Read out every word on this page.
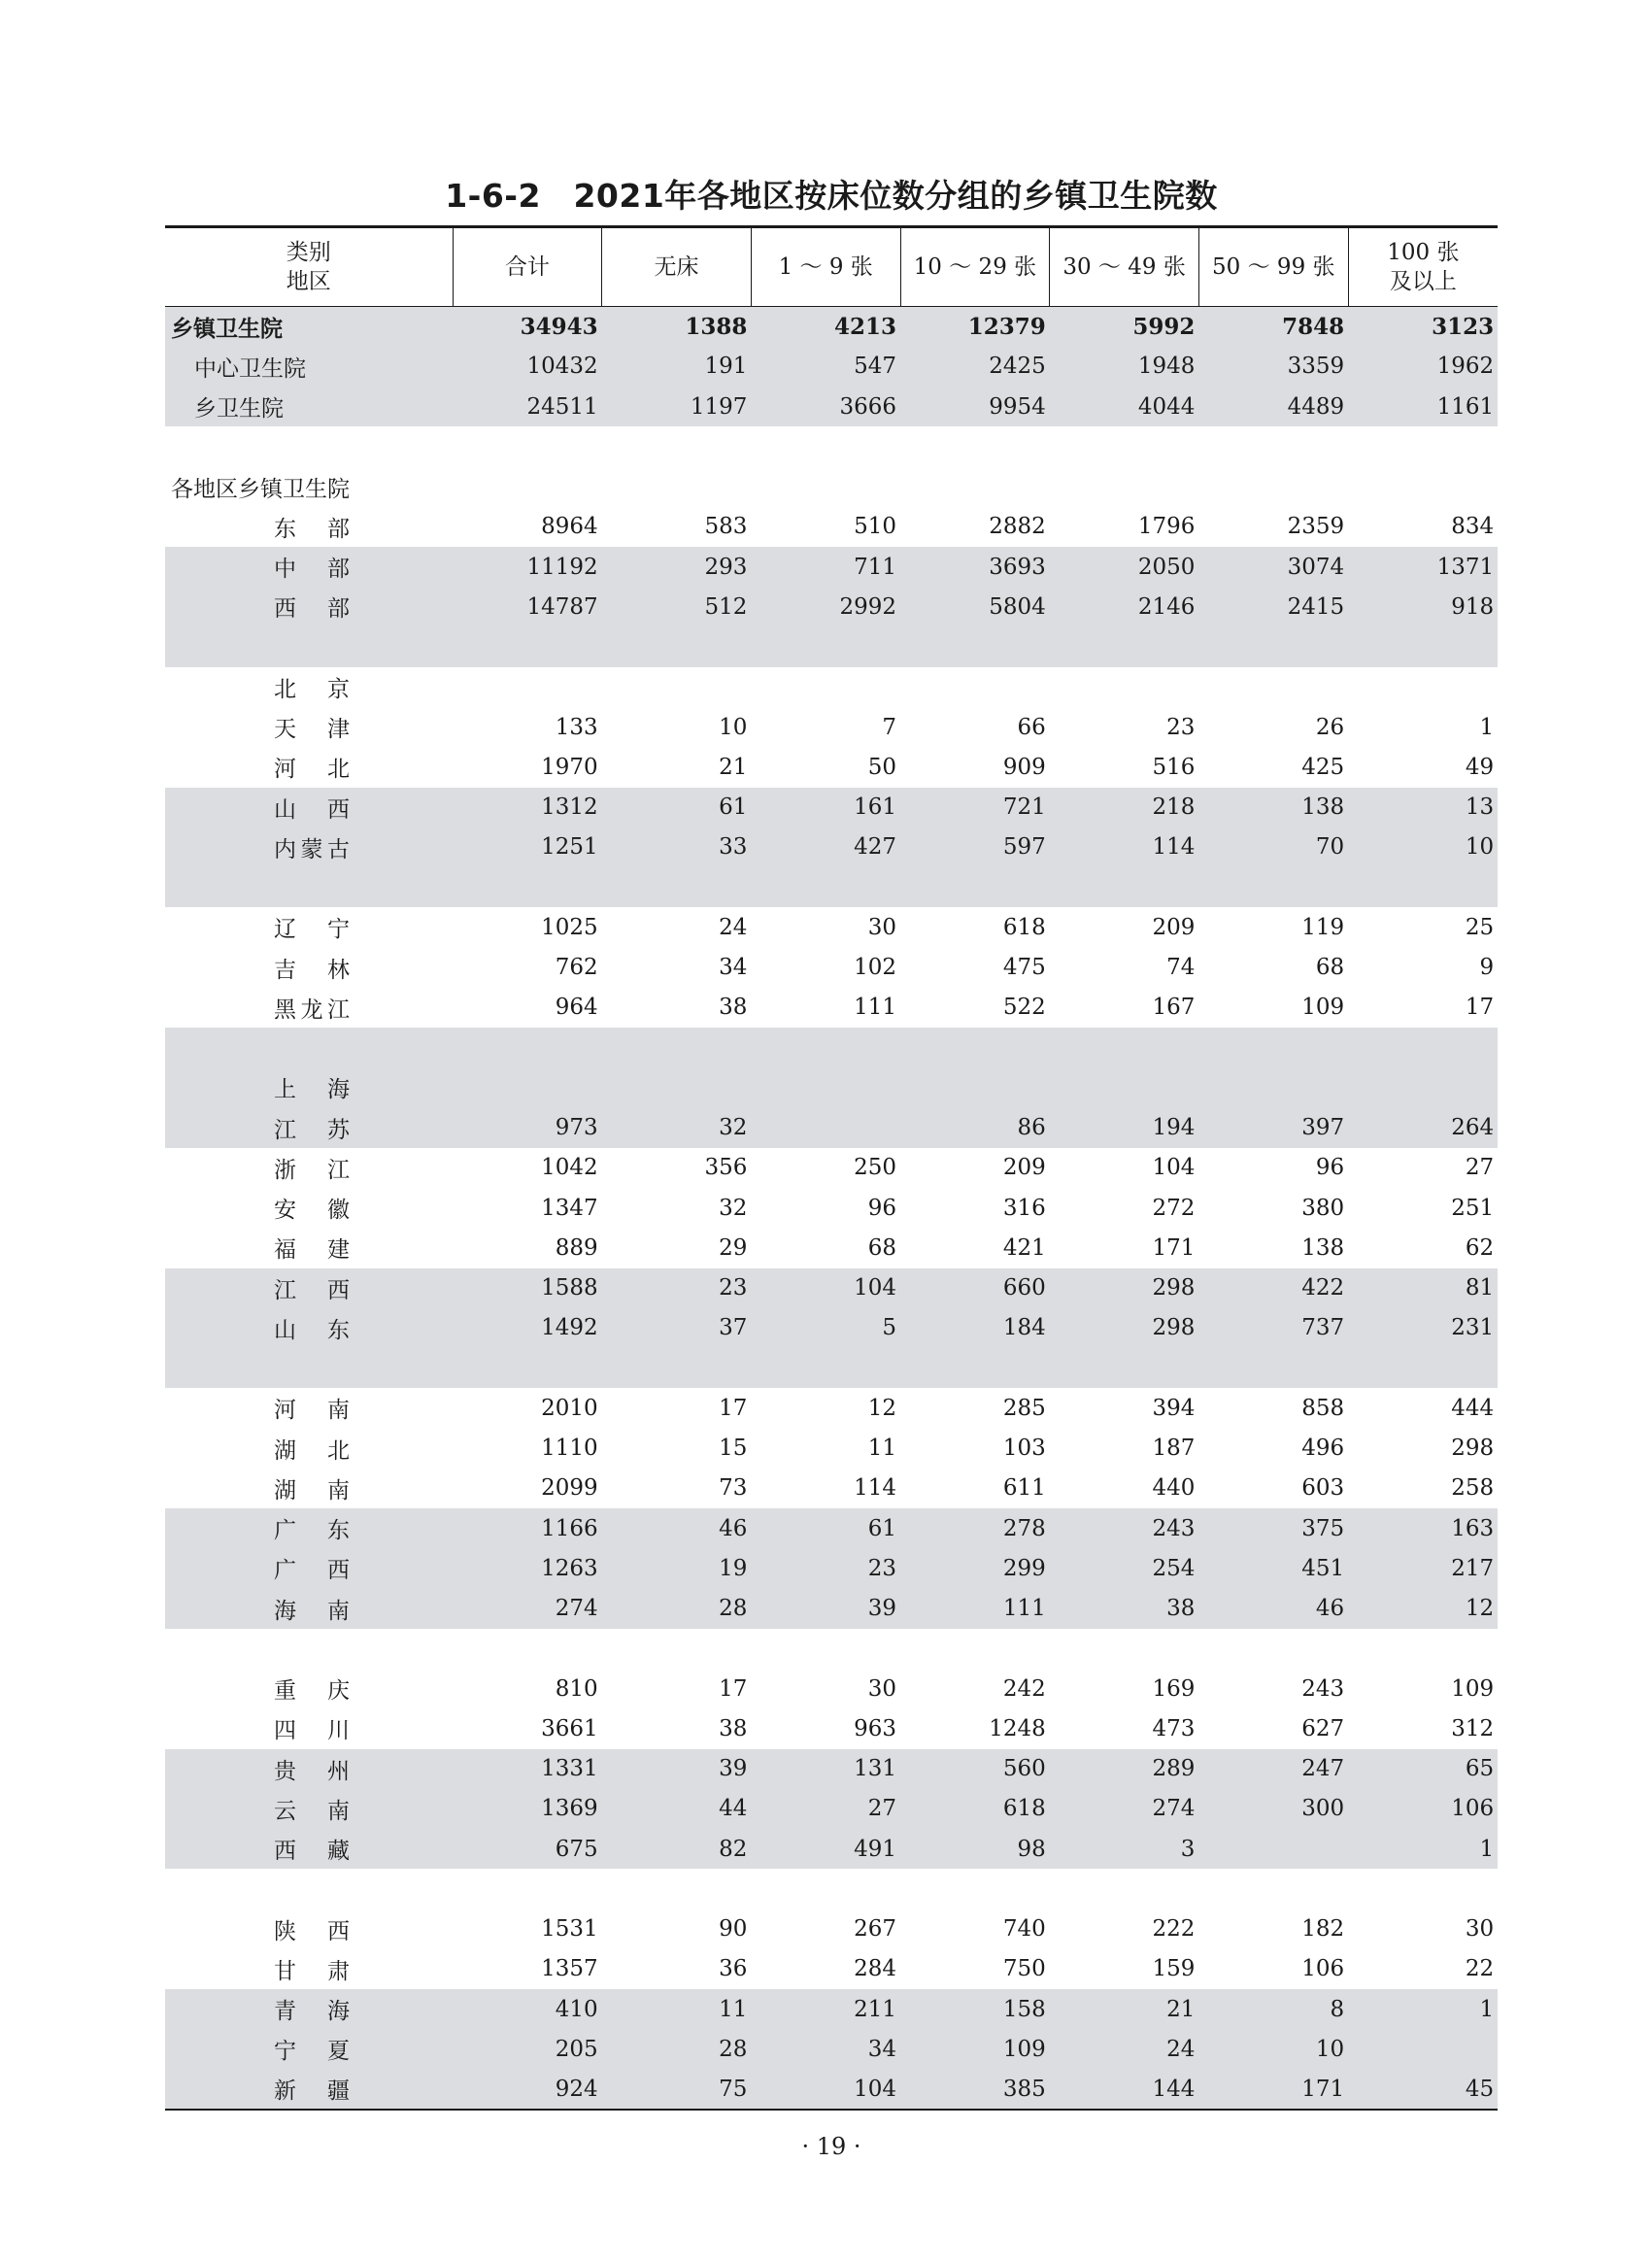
1-6-2　2021年各地区按床位数分组的乡镇卫生院数
类别
地区	合计	无床	1 ～ 9 张	10 ～ 29 张	30 ～ 49 张	50 ～ 99 张	100 张
及以上

乡镇卫生院	34943	1388	4213	12379	5992	7848	3123
中心卫生院	10432	191	547	2425	1948	3359	1962
乡卫生院	24511	1197	3666	9954	4044	4489	1161

各地区乡镇卫生院							
东　部	8964	583	510	2882	1796	2359	834
中　部	11192	293	711	3693	2050	3074	1371
西　部	14787	512	2992	5804	2146	2415	918

北　京							
天　津	133	10	7	66	23	26	1
河　北	1970	21	50	909	516	425	49
山　西	1312	61	161	721	218	138	13
内蒙古	1251	33	427	597	114	70	10

辽　宁	1025	24	30	618	209	119	25
吉　林	762	34	102	475	74	68	9
黑龙江	964	38	111	522	167	109	17

上　海							
江　苏	973	32		86	194	397	264
浙　江	1042	356	250	209	104	96	27
安　徽	1347	32	96	316	272	380	251
福　建	889	29	68	421	171	138	62
江　西	1588	23	104	660	298	422	81
山　东	1492	37	5	184	298	737	231

河　南	2010	17	12	285	394	858	444
湖　北	1110	15	11	103	187	496	298
湖　南	2099	73	114	611	440	603	258
广　东	1166	46	61	278	243	375	163
广　西	1263	19	23	299	254	451	217
海　南	274	28	39	111	38	46	12

重　庆	810	17	30	242	169	243	109
四　川	3661	38	963	1248	473	627	312
贵　州	1331	39	131	560	289	247	65
云　南	1369	44	27	618	274	300	106
西　藏	675	82	491	98	3		1

陕　西	1531	90	267	740	222	182	30
甘　肃	1357	36	284	750	159	106	22
青　海	410	11	211	158	21	8	1
宁　夏	205	28	34	109	24	10	
新　疆	924	75	104	385	144	171	45
· 19 ·
